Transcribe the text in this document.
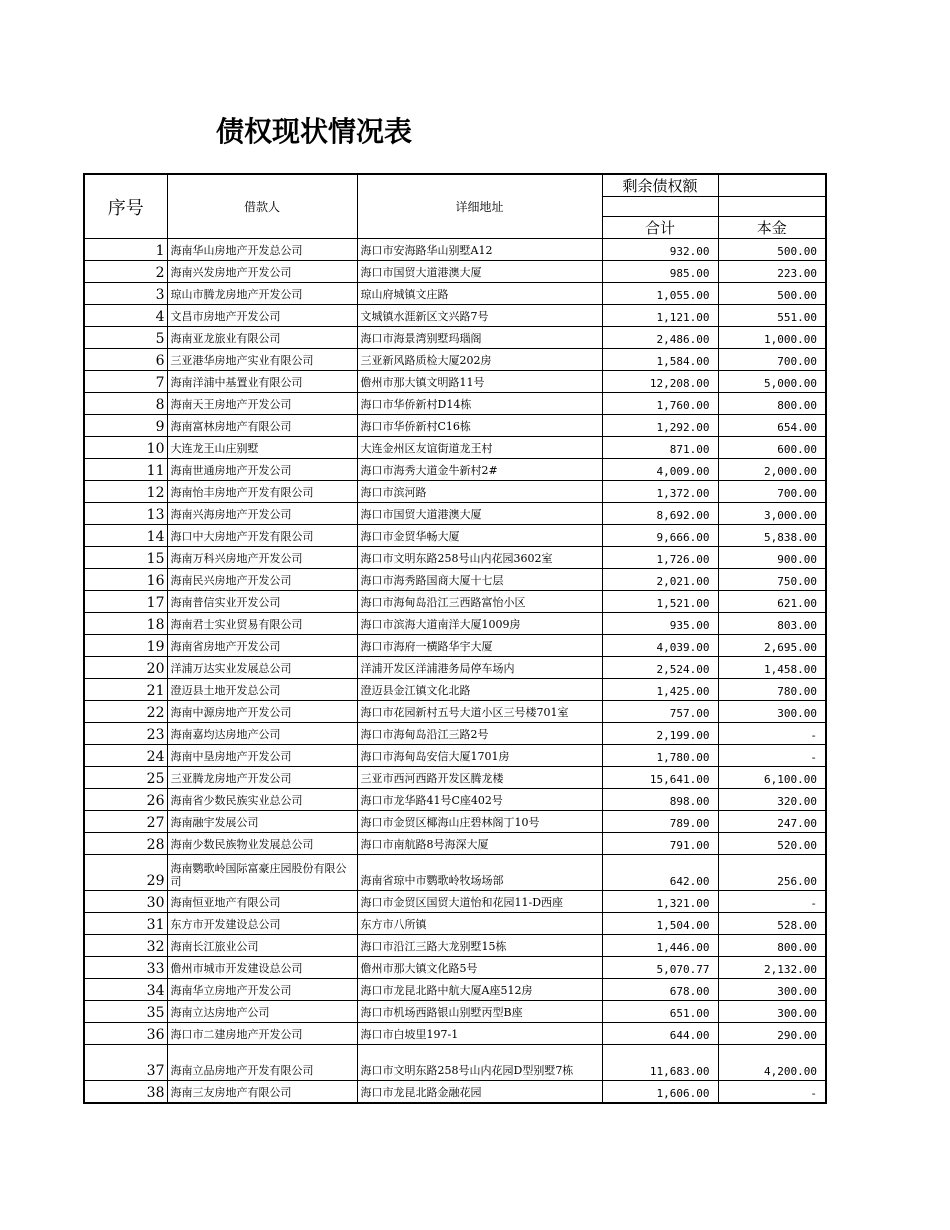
债权现状情况表
序号	借款人	详细地址	剩余债权额	

			合计	本金
1	海南华山房地产开发总公司	海口市安海路华山别墅A12	932.00	500.00
2	海南兴发房地产开发公司	海口市国贸大道港澳大厦	985.00	223.00
3	琼山市腾龙房地产开发公司	琼山府城镇文庄路	1,055.00	500.00
4	文昌市房地产开发公司	文城镇水涯新区文兴路7号	1,121.00	551.00
5	海南亚龙旅业有限公司	海口市海景湾别墅玛瑙阁	2,486.00	1,000.00
6	三亚港华房地产实业有限公司	三亚新风路质检大厦202房	1,584.00	700.00
7	海南洋浦中基置业有限公司	儋州市那大镇文明路11号	12,208.00	5,000.00
8	海南天王房地产开发公司	海口市华侨新村D14栋	1,760.00	800.00
9	海南富林房地产有限公司	海口市华侨新村C16栋	1,292.00	654.00
10	大连龙王山庄别墅	大连金州区友谊街道龙王村	871.00	600.00
11	海南世通房地产开发公司	海口市海秀大道金牛新村2#	4,009.00	2,000.00
12	海南怡丰房地产开发有限公司	海口市滨河路	1,372.00	700.00
13	海南兴海房地产开发公司	海口市国贸大道港澳大厦	8,692.00	3,000.00
14	海口中大房地产开发有限公司	海口市金贸华畅大厦	9,666.00	5,838.00
15	海南万科兴房地产开发公司	海口市文明东路258号山内花园3602室	1,726.00	900.00
16	海南民兴房地产开发公司	海口市海秀路国商大厦十七层	2,021.00	750.00
17	海南普信实业开发公司	海口市海甸岛沿江三西路富怡小区	1,521.00	621.00
18	海南君士实业贸易有限公司	海口市滨海大道南洋大厦1009房	935.00	803.00
19	海南省房地产开发公司	海口市海府一横路华宇大厦	4,039.00	2,695.00
20	洋浦万达实业发展总公司	洋浦开发区洋浦港务局停车场内	2,524.00	1,458.00
21	澄迈县土地开发总公司	澄迈县金江镇文化北路	1,425.00	780.00
22	海南中源房地产开发公司	海口市花园新村五号大道小区三号楼701室	757.00	300.00
23	海南嘉均达房地产公司	海口市海甸岛沿江三路2号	2,199.00	-
24	海南中垦房地产开发公司	海口市海甸岛安信大厦1701房	1,780.00	-
25	三亚腾龙房地产开发公司	三亚市西河西路开发区腾龙楼	15,641.00	6,100.00
26	海南省少数民族实业总公司	海口市龙华路41号C座402号	898.00	320.00
27	海南融宇发展公司	海口市金贸区椰海山庄碧林阁丁10号	789.00	247.00
28	海南少数民族物业发展总公司	海口市南航路8号海深大厦	791.00	520.00
29	海南鹦歌岭国际富豪庄园股份有限公司	海南省琼中市鹦歌岭牧场场部	642.00	256.00
30	海南恒亚地产有限公司	海口市金贸区国贸大道怡和花园11-D西座	1,321.00	-
31	东方市开发建设总公司	东方市八所镇	1,504.00	528.00
32	海南长江旅业公司	海口市沿江三路大龙别墅15栋	1,446.00	800.00
33	儋州市城市开发建设总公司	儋州市那大镇文化路5号	5,070.77	2,132.00
34	海南华立房地产开发公司	海口市龙昆北路中航大厦A座512房	678.00	300.00
35	海南立达房地产公司	海口市机场西路银山别墅丙型B座	651.00	300.00
36	海口市二建房地产开发公司	海口市白坡里197-1	644.00	290.00
37	海南立品房地产开发有限公司	海口市文明东路258号山内花园D型别墅7栋	11,683.00	4,200.00
38	海南三友房地产有限公司	海口市龙昆北路金融花园	1,606.00	-
